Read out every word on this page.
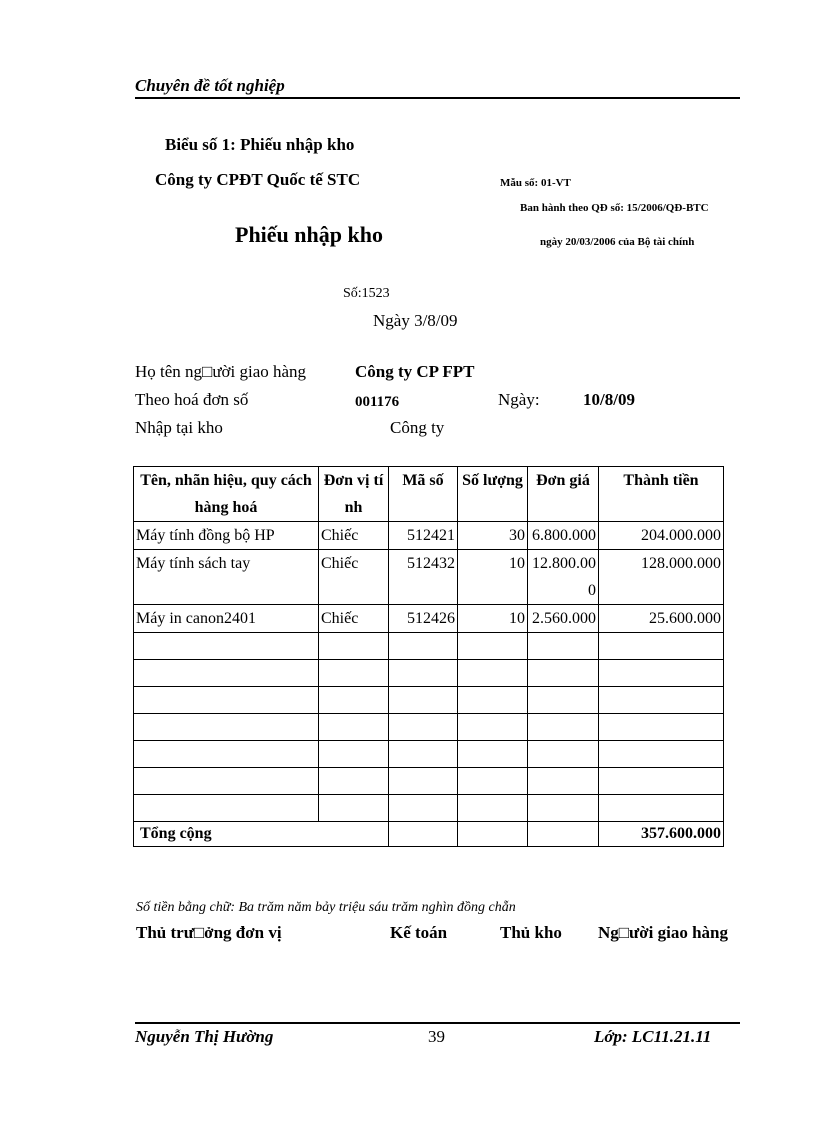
Chuyên đề tốt nghiệp
Biểu số 1: Phiếu nhập kho
Công ty CPĐT Quốc tế STC	Mẫu số: 01-VT
Ban hành theo QĐ số: 15/2006/QĐ-BTC
Phiếu nhập kho	ngày 20/03/2006 của Bộ tài chính
Số:1523
Ngày 3/8/09
Họ tên ng□ười giao hàng	Công ty CP FPT
Theo hoá đơn số	001176	Ngày:	10/8/09
Nhập tại kho	Công ty
Tên, nhãn hiệu, quy cách hàng hoá	Đơn vị tính	Mã số	Số lượng	Đơn giá	Thành tiền
Máy tính đồng bộ HP	Chiếc	512421	30	6.800.000	204.000.000
Máy tính sách tay	Chiếc	512432	10	12.800.000	128.000.000
Máy in canon2401	Chiếc	512426	10	2.560.000	25.600.000

Tổng cộng					357.600.000
Số tiền bằng chữ: Ba trăm năm bảy triệu sáu trăm nghìn đồng chẵn
Thủ trư□ởng đơn vị	Kế toán	Thủ kho Ng□ười giao hàng
Nguyễn Thị Hường	39	Lớp: LC11.21.11
